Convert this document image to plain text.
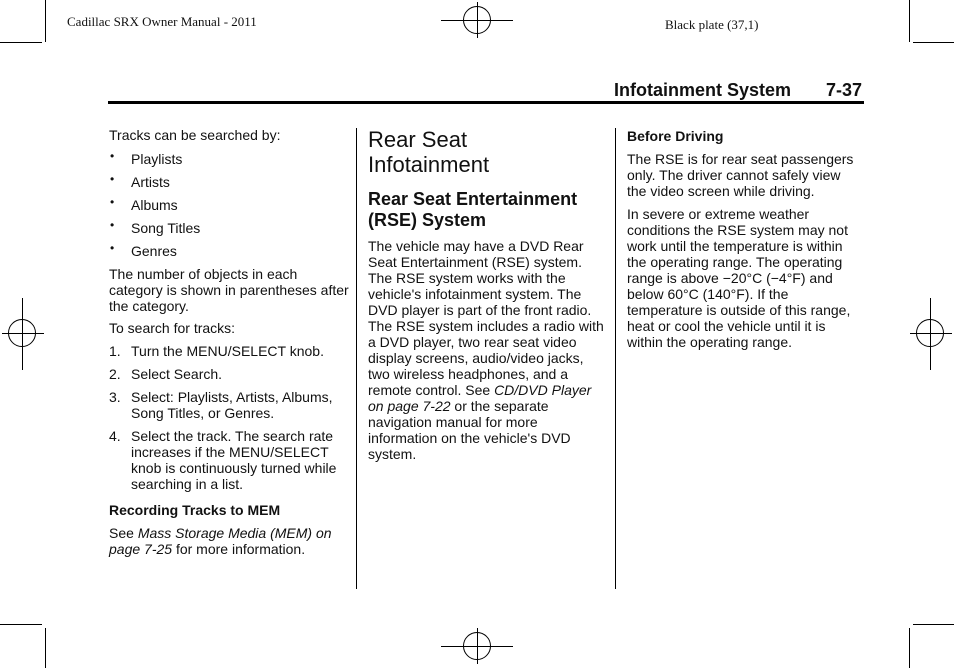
Cadillac SRX Owner Manual - 2011	Black plate (37,1)
Infotainment System 7-37

Tracks can be searched by:

• Playlists
• Artists
• Albums
• Song Titles
• Genres

The number of objects in each category is shown in parentheses after the category.

To search for tracks:

1. Turn the MENU/SELECT knob.
2. Select Search.
3. Select: Playlists, Artists, Albums, Song Titles, or Genres.
4. Select the track. The search rate increases if the MENU/SELECT knob is continuously turned while searching in a list.

Recording Tracks to MEM

See Mass Storage Media (MEM) on page 7-25 for more information.

Rear Seat Infotainment
Rear Seat Entertainment (RSE) System

The vehicle may have a DVD Rear Seat Entertainment (RSE) system. The RSE system works with the vehicle's infotainment system. The DVD player is part of the front radio. The RSE system includes a radio with a DVD player, two rear seat video display screens, audio/video jacks, two wireless headphones, and a remote control. See CD/DVD Player on page 7-22 or the separate navigation manual for more information on the vehicle's DVD system.

Before Driving

The RSE is for rear seat passengers only. The driver cannot safely view the video screen while driving.

In severe or extreme weather conditions the RSE system may not work until the temperature is within the operating range. The operating range is above −20°C (−4°F) and below 60°C (140°F). If the temperature is outside of this range, heat or cool the vehicle until it is within the operating range.
